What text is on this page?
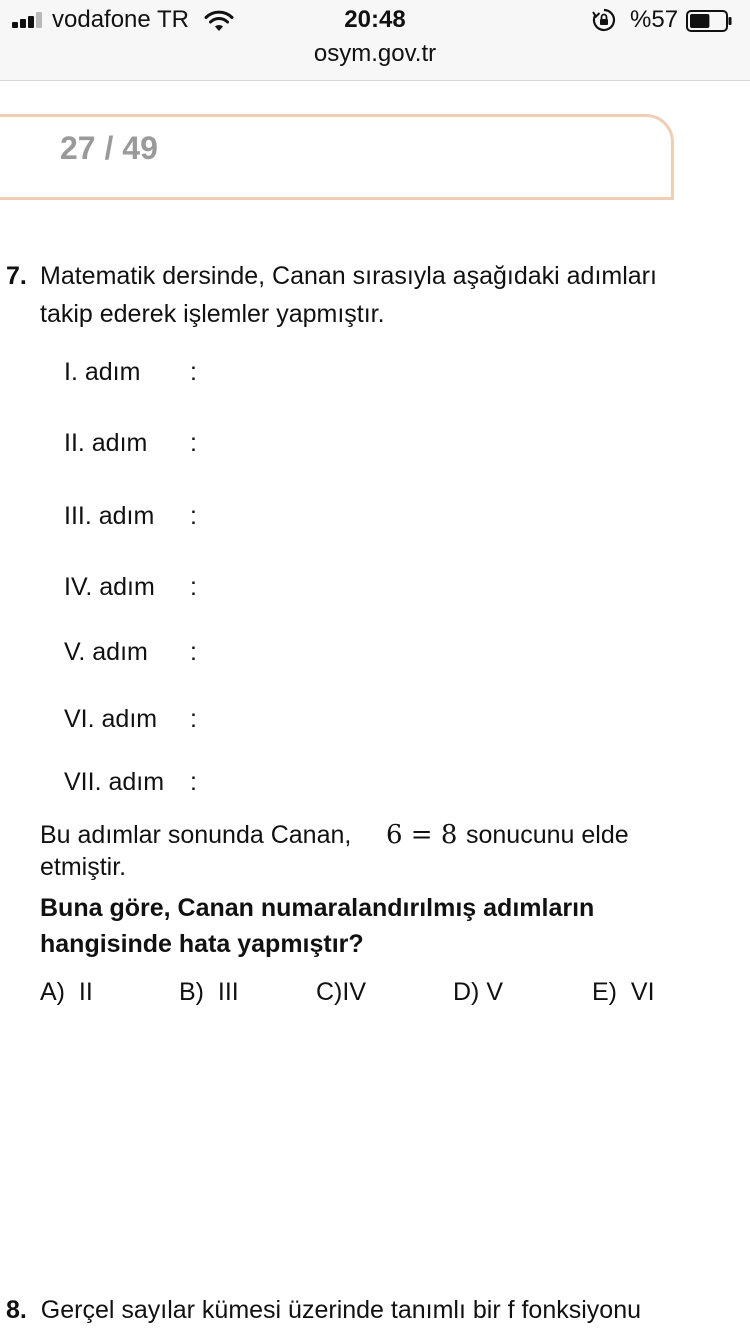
vodafone TR	20:48	%57
osym.gov.tr
27 / 49
7. Matematik dersinde, Canan sırasıyla aşağıdaki adımları
takip ederek işlemler yapmıştır.
I. adım :
II. adım :
III. adım :
IV. adım :
V. adım :
VI. adım :
VII. adım :
Bu adımlar sonunda Canan, 6 = 8 sonucunu elde
etmiştir.
Buna göre, Canan numaralandırılmış adımların
hangisinde hata yapmıştır?
A) II	B) III	C)IV	D) V	E) VI
8. Gerçel sayılar kümesi üzerinde tanımlı bir f fonksiyonu
